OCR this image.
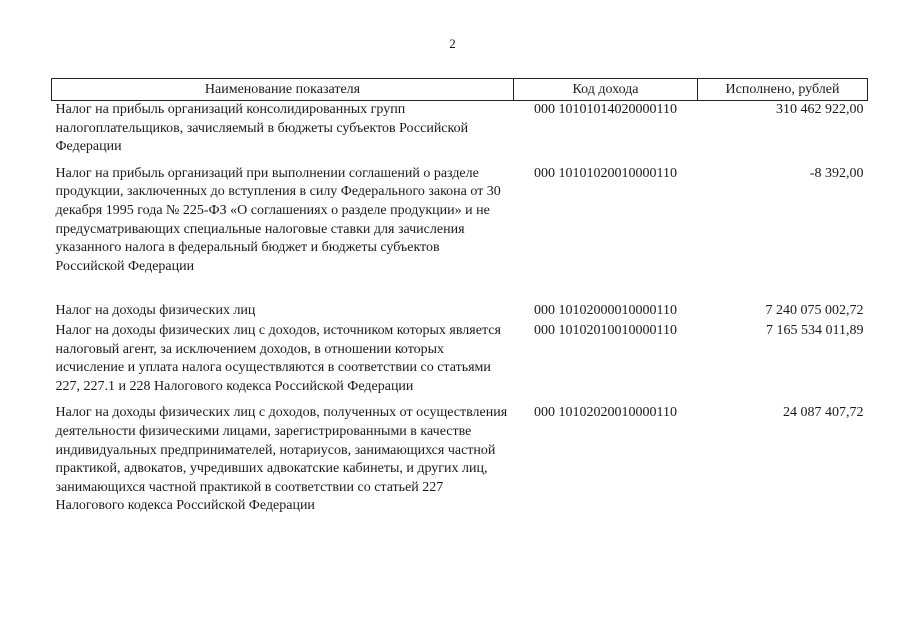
2
Наименование показателя	Код дохода	Исполнено, рублей
Налог на прибыль организаций консолидированных групп налогоплательщиков, зачисляемый в бюджеты субъектов Российской Федерации	000 10101014020000110	310 462 922,00
Налог на прибыль организаций при выполнении соглашений о разделе продукции, заключенных до вступления в силу Федерального закона от 30 декабря 1995 года № 225-ФЗ «О соглашениях о разделе продукции» и не предусматривающих специальные налоговые ставки для зачисления указанного налога в федеральный бюджет и бюджеты субъектов Российской Федерации	000 10101020010000110	-8 392,00
Налог на доходы физических лиц	000 10102000010000110	7 240 075 002,72
Налог на доходы физических лиц с доходов, источником которых является налоговый агент, за исключением доходов, в отношении которых исчисление и уплата налога осуществляются в соответствии со статьями 227, 227.1 и 228 Налогового кодекса Российской Федерации	000 10102010010000110	7 165 534 011,89
Налог на доходы физических лиц с доходов, полученных от осуществления деятельности физическими лицами, зарегистрированными в качестве индивидуальных предпринимателей, нотариусов, занимающихся частной практикой, адвокатов, учредивших адвокатские кабинеты, и других лиц, занимающихся частной практикой в соответствии со статьей 227 Налогового кодекса Российской Федерации	000 10102020010000110	24 087 407,72
